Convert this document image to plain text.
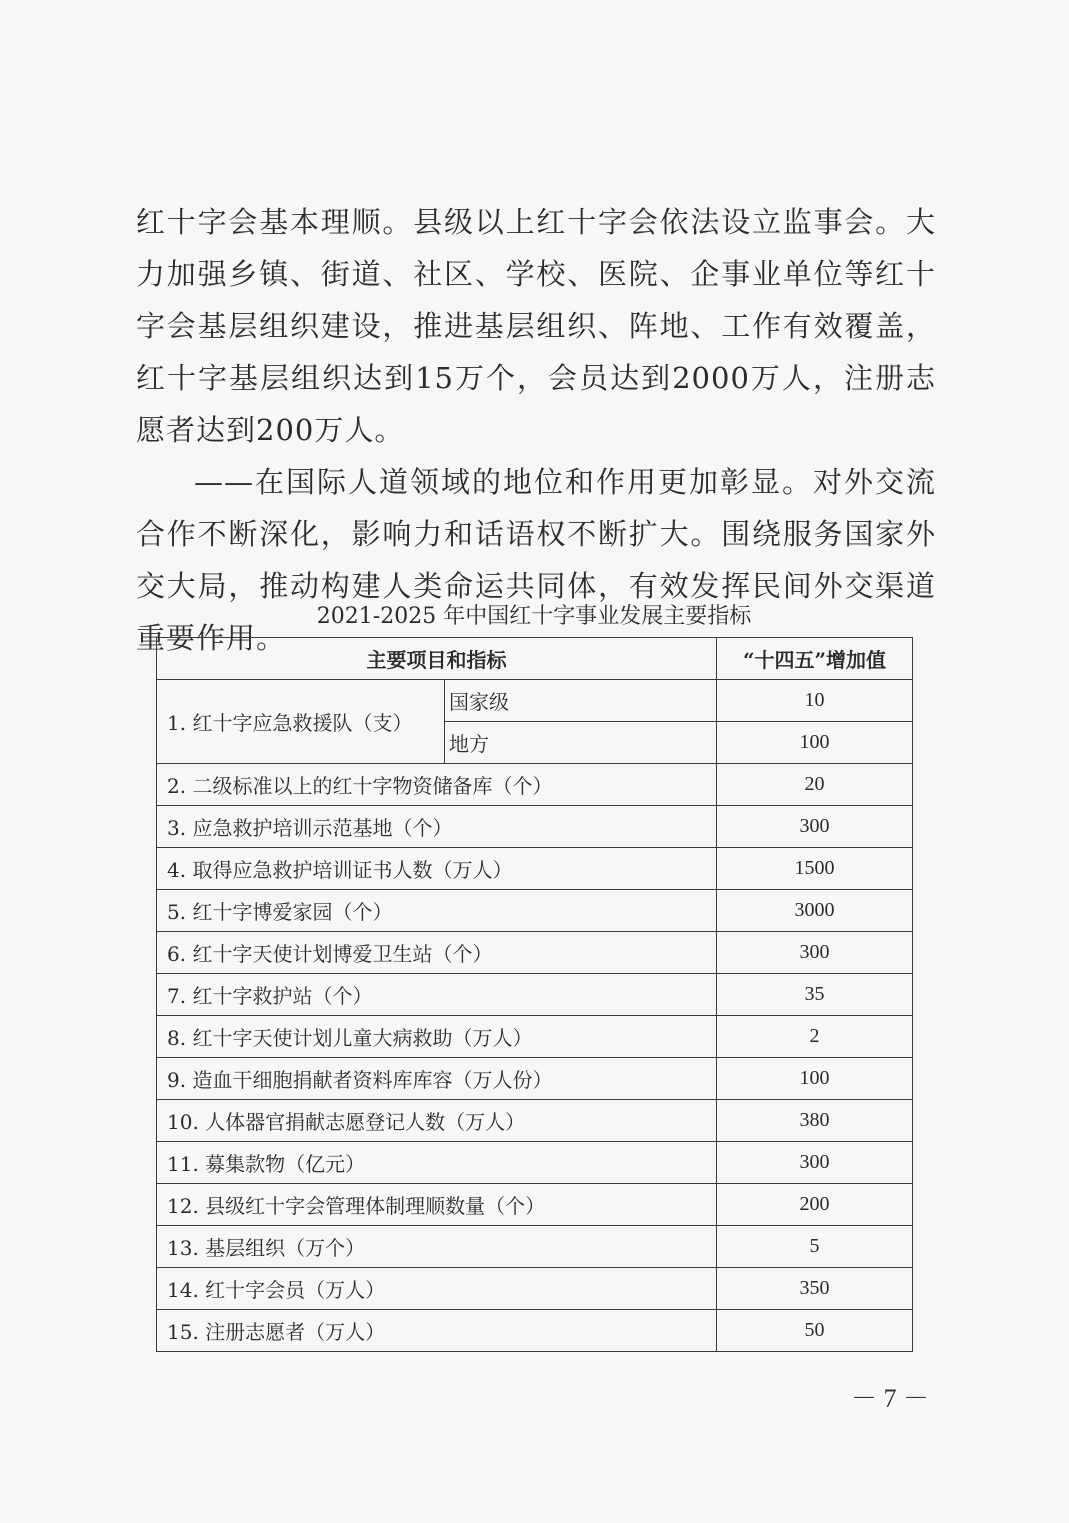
红十字会基本理顺。县级以上红十字会依法设立监事会。大力加强乡镇、街道、社区、学校、医院、企事业单位等红十字会基层组织建设，推进基层组织、阵地、工作有效覆盖，红十字基层组织达到15万个，会员达到2000万人，注册志愿者达到200万人。

——在国际人道领域的地位和作用更加彰显。对外交流合作不断深化，影响力和话语权不断扩大。围绕服务国家外交大局，推动构建人类命运共同体，有效发挥民间外交渠道重要作用。

2021-2025 年中国红十字事业发展主要指标
主要项目和指标		“十四五”增加值
1. 红十字应急救援队（支）	国家级	10
	地方	100
2. 二级标准以上的红十字物资储备库（个）		20
3. 应急救护培训示范基地（个）		300
4. 取得应急救护培训证书人数（万人）		1500
5. 红十字博爱家园（个）		3000
6. 红十字天使计划博爱卫生站（个）		300
7. 红十字救护站（个）		35
8. 红十字天使计划儿童大病救助（万人）		2
9. 造血干细胞捐献者资料库库容（万人份）		100
10. 人体器官捐献志愿登记人数（万人）		380
11. 募集款物（亿元）		300
12. 县级红十字会管理体制理顺数量（个）		200
13. 基层组织（万个）		5
14. 红十字会员（万人）		350
15. 注册志愿者（万人）		50
－ 7 －
